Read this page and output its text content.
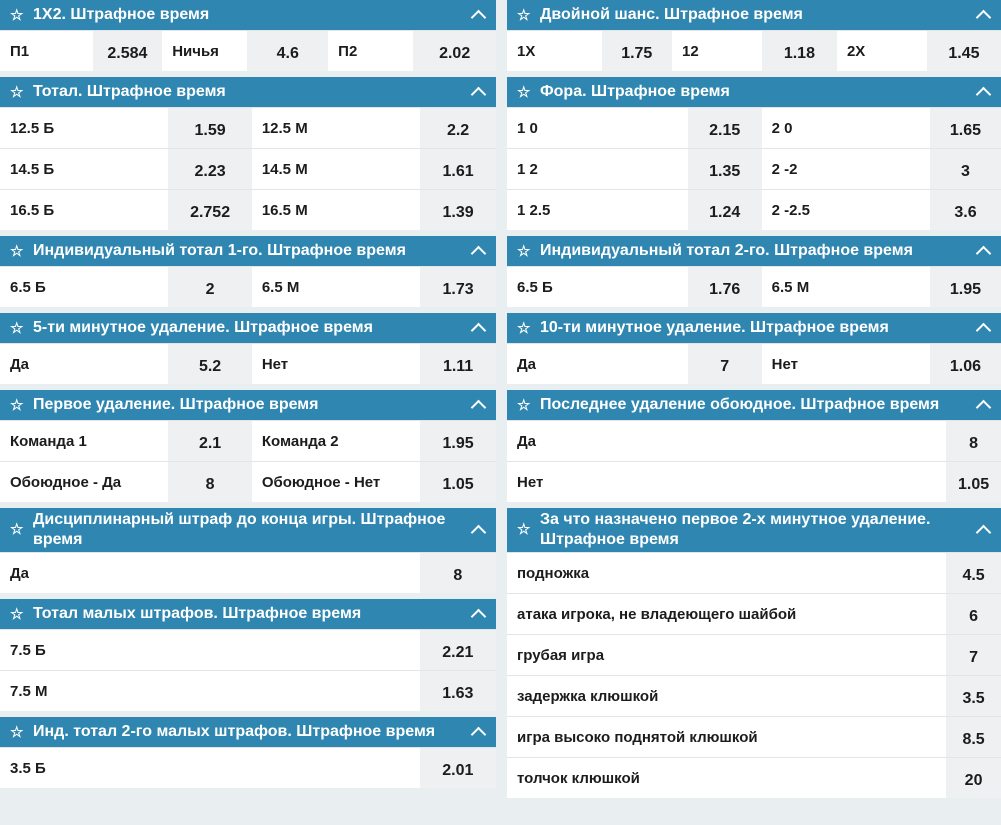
☆ 1X2. Штрафное время
П1	2.584	Ничья	4.6	П2	2.02
☆ Тотал. Штрафное время
12.5 Б	1.59	12.5 М	2.2
14.5 Б	2.23	14.5 М	1.61
16.5 Б	2.752	16.5 М	1.39
☆ Индивидуальный тотал 1-го. Штрафное время
6.5 Б	2	6.5 М	1.73
☆ 5-ти минутное удаление. Штрафное время
Да	5.2	Нет	1.11
☆ Первое удаление. Штрафное время
Команда 1	2.1	Команда 2	1.95
Обоюдное - Да	8	Обоюдное - Нет	1.05
☆
Дисциплинарный штраф до конца игры. Штрафное время
Да	8
☆ Тотал малых штрафов. Штрафное время
7.5 Б	2.21
7.5 М	1.63
☆ Инд. тотал 2-го малых штрафов. Штрафное время
3.5 Б	2.01
☆ Двойной шанс. Штрафное время
1X	1.75	12	1.18	2X	1.45
☆ Фора. Штрафное время
1 0	2.15	2 0	1.65
1 2	1.35	2 -2	3
1 2.5	1.24	2 -2.5	3.6
☆ Индивидуальный тотал 2-го. Штрафное время
6.5 Б	1.76	6.5 М	1.95
☆ 10-ти минутное удаление. Штрафное время
Да	7	Нет	1.06
☆ Последнее удаление обоюдное. Штрафное время
Да	8
Нет	1.05
☆
За что назначено первое 2-х минутное удаление. Штрафное время
подножка	4.5
атака игрока, не владеющего шайбой	6
грубая игра	7
задержка клюшкой	3.5
игра высоко поднятой клюшкой	8.5
толчок клюшкой	20
